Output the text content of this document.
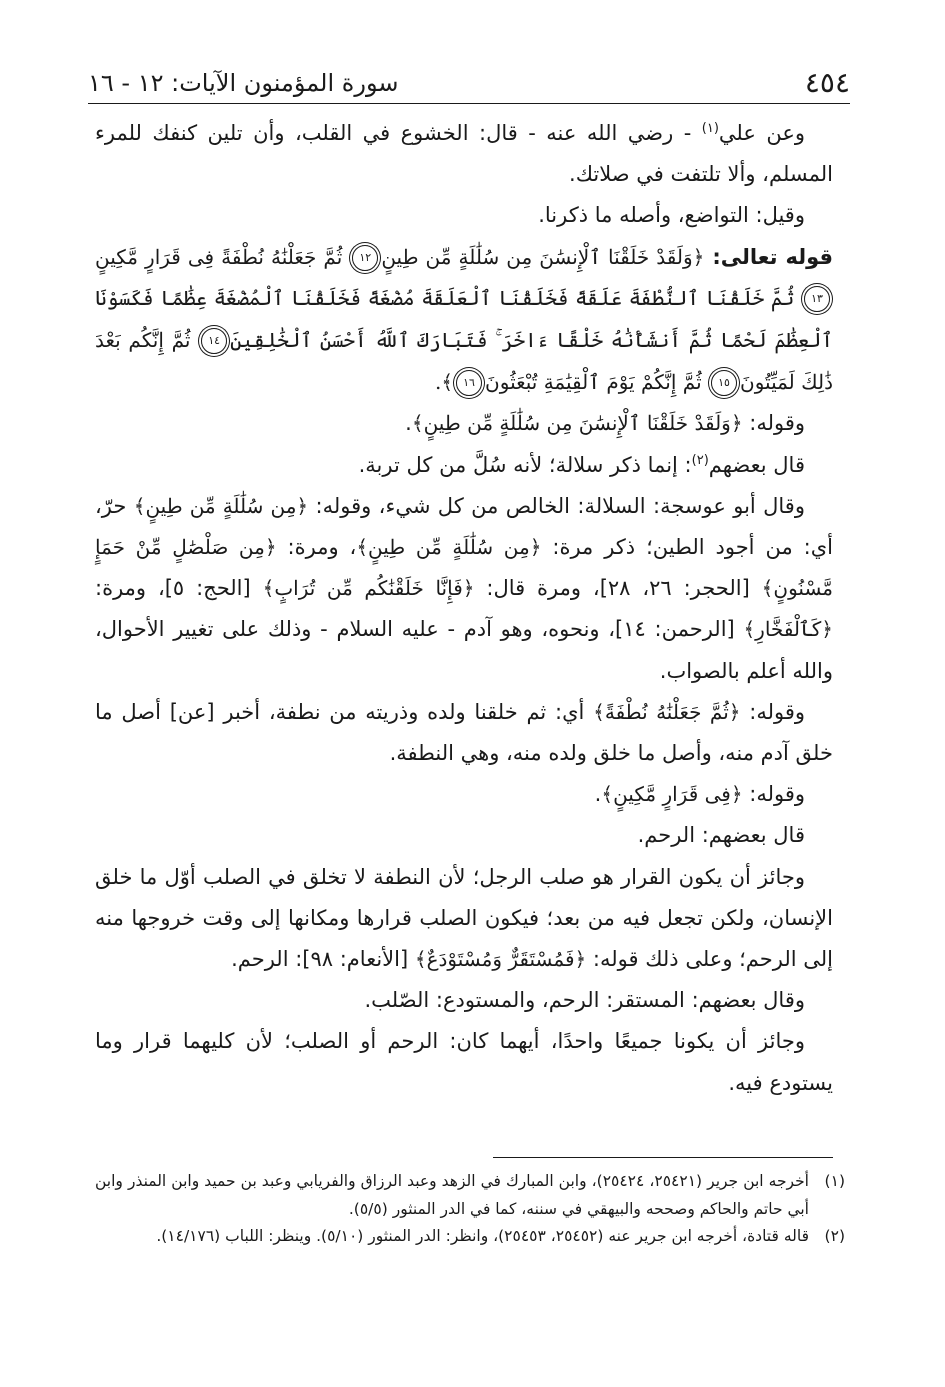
٤٥٤
سورة المؤمنون الآيات: ١٢ - ١٦

وعن علي$^{(١)}$ - رضي الله عنه - قال: الخشوع في القلب، وأن تلين كنفك للمرء المسلم، وألا تلتفت في صلاتك.

وقيل: التواضع، وأصله ما ذكرنا.

قوله تعالى: ﴿وَلَقَدْ خَلَقْنَا ٱلْإِنسَٰنَ مِن سُلَٰلَةٍ مِّن طِينٍ١٢ ثُمَّ جَعَلْنَٰهُ نُطْفَةً فِى قَرَارٍ مَّكِينٍ١٣ ثُمَّ خَلَقْنَا ٱلنُّطْفَةَ عَلَقَةً فَخَلَقْنَا ٱلْعَلَقَةَ مُضْغَةً فَخَلَقْنَا ٱلْمُضْغَةَ عِظَٰمًا فَكَسَوْنَا ٱلْعِظَٰمَ لَحْمًا ثُمَّ أَنشَأْنَٰهُ خَلْقًا ءَاخَرَ ۚ فَتَبَارَكَ ٱللَّهُ أَحْسَنُ ٱلْخَٰلِقِينَ١٤ ثُمَّ إِنَّكُم بَعْدَ ذَٰلِكَ لَمَيِّتُونَ١٥ ثُمَّ إِنَّكُمْ يَوْمَ ٱلْقِيَٰمَةِ تُبْعَثُونَ١٦﴾.

وقوله: ﴿وَلَقَدْ خَلَقْنَا ٱلْإِنسَٰنَ مِن سُلَٰلَةٍ مِّن طِينٍ﴾.

قال بعضهم$^{(٢)}$: إنما ذكر سلالة؛ لأنه سُلَّ من كل تربة.

وقال أبو عوسجة: السلالة: الخالص من كل شيء، وقوله: ﴿مِن سُلَٰلَةٍ مِّن طِينٍ﴾ حرّ، أي: من أجود الطين؛ ذكر مرة: ﴿مِن سُلَٰلَةٍ مِّن طِينٍ﴾، ومرة: ﴿مِن صَلْصَٰلٍ مِّنْ حَمَإٍ مَّسْنُونٍ﴾ [الحجر: ٢٦، ٢٨]، ومرة قال: ﴿فَإِنَّا خَلَقْنَٰكُم مِّن تُرَابٍ﴾ [الحج: ٥]، ومرة: ﴿كَٱلْفَخَّارِ﴾ [الرحمن: ١٤]، ونحوه، وهو آدم - عليه السلام - وذلك على تغيير الأحوال، والله أعلم بالصواب.

وقوله: ﴿ثُمَّ جَعَلْنَٰهُ نُطْفَةً﴾ أي: ثم خلقنا ولده وذريته من نطفة، أخبر [عن] أصل ما خلق آدم منه، وأصل ما خلق ولده منه، وهي النطفة.

وقوله: ﴿فِى قَرَارٍ مَّكِينٍ﴾.

قال بعضهم: الرحم.

وجائز أن يكون القرار هو صلب الرجل؛ لأن النطفة لا تخلق في الصلب أوّل ما خلق الإنسان، ولكن تجعل فيه من بعد؛ فيكون الصلب قرارها ومكانها إلى وقت خروجها منه إلى الرحم؛ وعلى ذلك قوله: ﴿فَمُسْتَقَرٌّ وَمُسْتَوْدَعٌ﴾ [الأنعام: ٩٨]: الرحم.

وقال بعضهم: المستقر: الرحم، والمستودع: الصّلب.

وجائز أن يكونا جميعًا واحدًا، أيهما كان: الرحم أو الصلب؛ لأن كليهما قرار وما يستودع فيه.

(١)
أخرجه ابن جرير (٢٥٤٢١، ٢٥٤٢٤)، وابن المبارك في الزهد وعبد الرزاق والفريابي وعبد بن حميد وابن المنذر وابن أبي حاتم والحاكم وصححه والبيهقي في سننه، كما في الدر المنثور (٥/٥).
(٢)
قاله قتادة، أخرجه ابن جرير عنه (٢٥٤٥٢، ٢٥٤٥٣)، وانظر: الدر المنثور (٥/١٠). وينظر: اللباب (١٤/١٧٦).
